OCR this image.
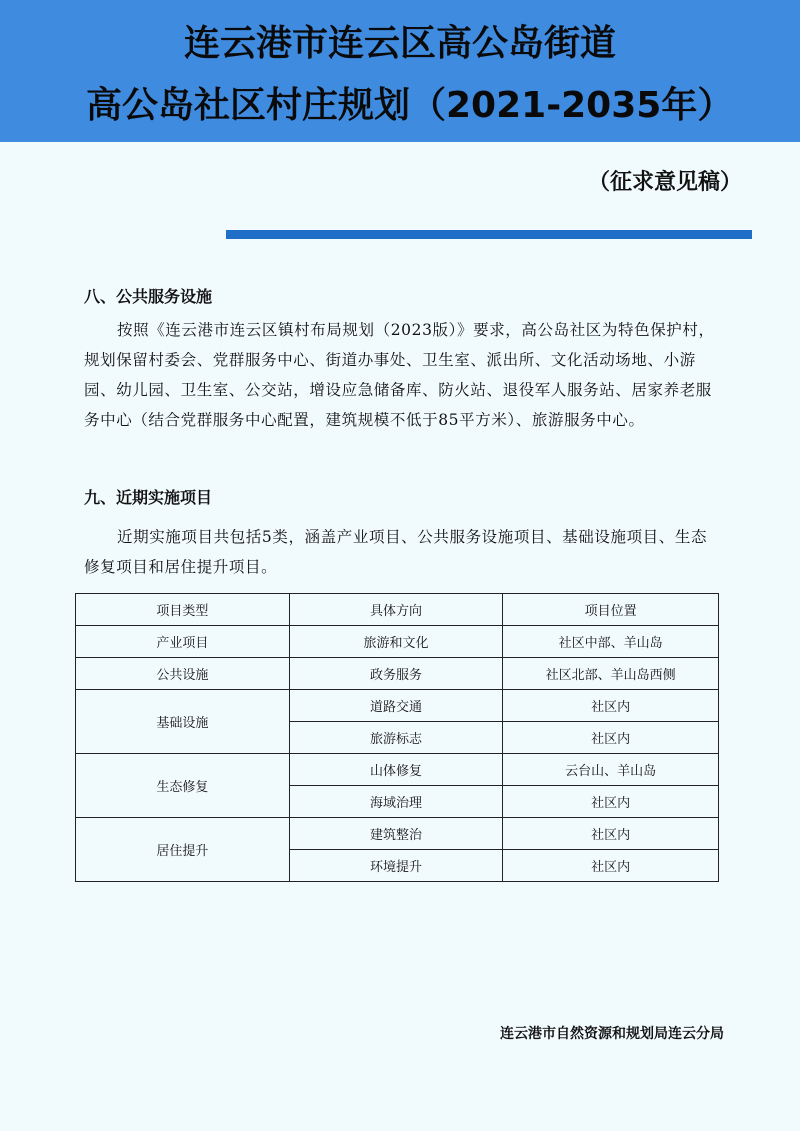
连云港市连云区高公岛街道
高公岛社区村庄规划（2021-2035年）
（征求意见稿）
八、公共服务设施
按照《连云港市连云区镇村布局规划（2023版）》要求，高公岛社区为特色保护村，规划保留村委会、党群服务中心、街道办事处、卫生室、派出所、文化活动场地、小游园、幼儿园、卫生室、公交站，增设应急储备库、防火站、退役军人服务站、居家养老服务中心（结合党群服务中心配置，建筑规模不低于85平方米）、旅游服务中心。
九、近期实施项目
近期实施项目共包括5类，涵盖产业项目、公共服务设施项目、基础设施项目、生态修复项目和居住提升项目。
项目类型	具体方向	项目位置
产业项目	旅游和文化	社区中部、羊山岛
公共设施	政务服务	社区北部、羊山岛西侧
基础设施	道路交通	社区内
	旅游标志	社区内
生态修复	山体修复	云台山、羊山岛
	海域治理	社区内
居住提升	建筑整治	社区内
	环境提升	社区内
连云港市自然资源和规划局连云分局
